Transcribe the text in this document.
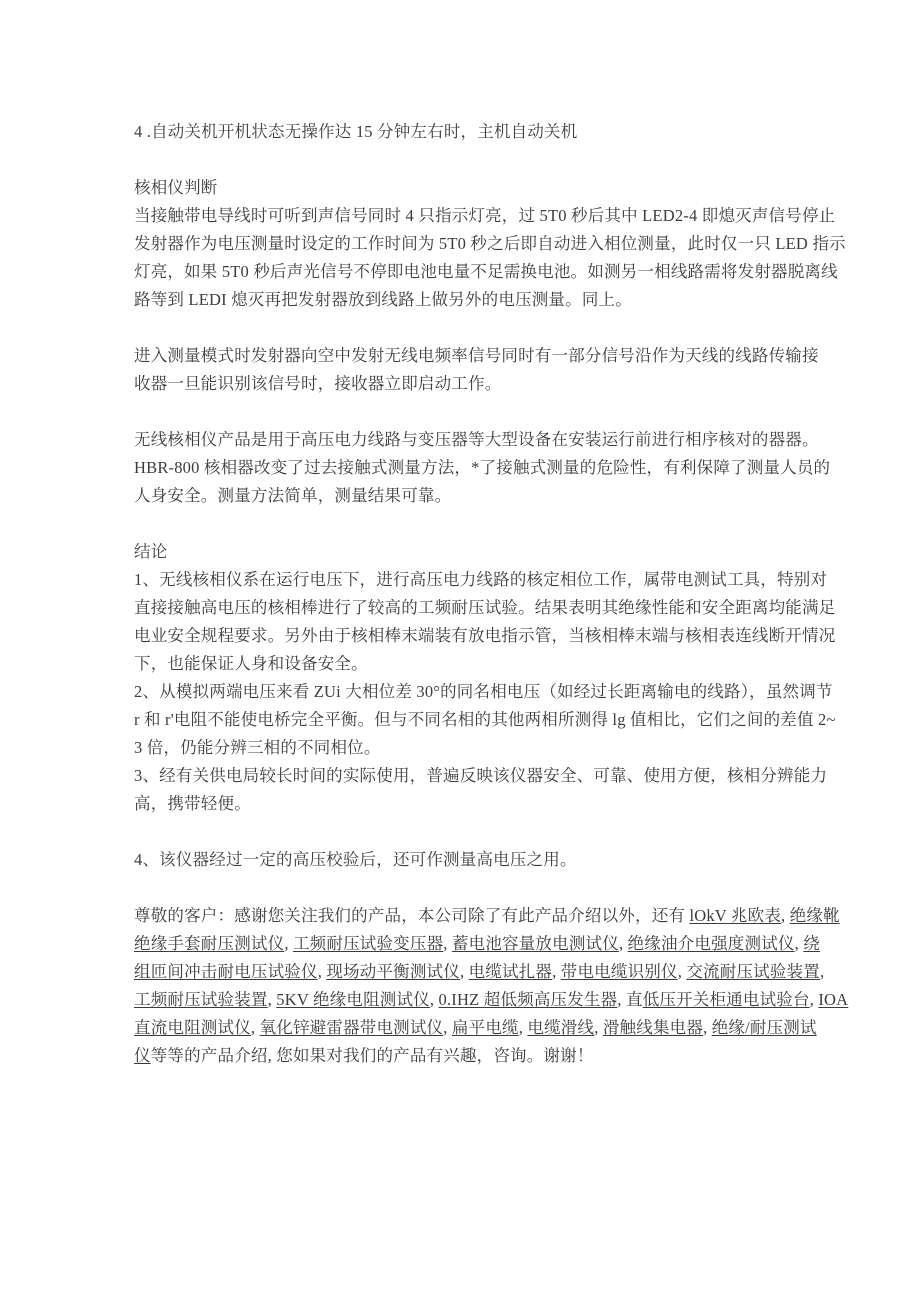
4 .自动关机开机状态无操作达 15 分钟左右时，主机自动关机
核相仪判断
当接触带电导线时可听到声信号同时 4 只指示灯亮，过 5T0 秒后其中 LED2-4 即熄灭声信号停止
发射器作为电压测量时设定的工作时间为 5T0 秒之后即自动进入相位测量，此时仅一只 LED 指示
灯亮，如果 5T0 秒后声光信号不停即电池电量不足需换电池。如测另一相线路需将发射器脱离线
路等到 LEDI 熄灭再把发射器放到线路上做另外的电压测量。同上。
进入测量模式时发射器向空中发射无线电频率信号同时有一部分信号沿作为天线的线路传输接
收器一旦能识别该信号时，接收器立即启动工作。
无线核相仪产品是用于高压电力线路与变压器等大型设备在安装运行前进行相序核对的器器。
HBR-800 核相器改变了过去接触式测量方法，*了接触式测量的危险性，有利保障了测量人员的
人身安全。测量方法简单，测量结果可靠。
结论
1、无线核相仪系在运行电压下，进行高压电力线路的核定相位工作，属带电测试工具，特别对
直接接触高电压的核相棒进行了较高的工频耐压试验。结果表明其绝缘性能和安全距离均能满足
电业安全规程要求。另外由于核相棒末端装有放电指示管，当核相棒末端与核相表连线断开情况
下，也能保证人身和设备安全。
2、从模拟两端电压来看 ZUi 大相位差 30°的同名相电压（如经过长距离输电的线路），虽然调节
r 和 r'电阻不能使电桥完全平衡。但与不同名相的其他两相所测得 lg 值相比，它们之间的差值 2~
3 倍，仍能分辨三相的不同相位。
3、经有关供电局较长时间的实际使用，普遍反映该仪器安全、可靠、使用方便，核相分辨能力
高，携带轻便。
4、该仪器经过一定的高压校验后，还可作测量高电压之用。
尊敬的客户：感谢您关注我们的产品，本公司除了有此产品介绍以外，还有 lOkV 兆欧表, 绝缘靴
绝缘手套耐压测试仪, 工频耐压试验变压器, 蓄电池容量放电测试仪, 绝缘油介电强度测试仪, 绕
组匝间冲击耐电压试验仪, 现场动平衡测试仪, 电缆试扎器, 带电电缆识别仪, 交流耐压试验装置,
工频耐压试验装置, 5KV 绝缘电阻测试仪, 0.IHZ 超低频高压发生器, 直低压开关柜通电试验台, IOA
直流电阻测试仪, 氧化锌避雷器带电测试仪, 扁平电缆, 电缆滑线, 滑触线集电器, 绝缘/耐压测试
仪等等的产品介绍, 您如果对我们的产品有兴趣，咨询。谢谢！
